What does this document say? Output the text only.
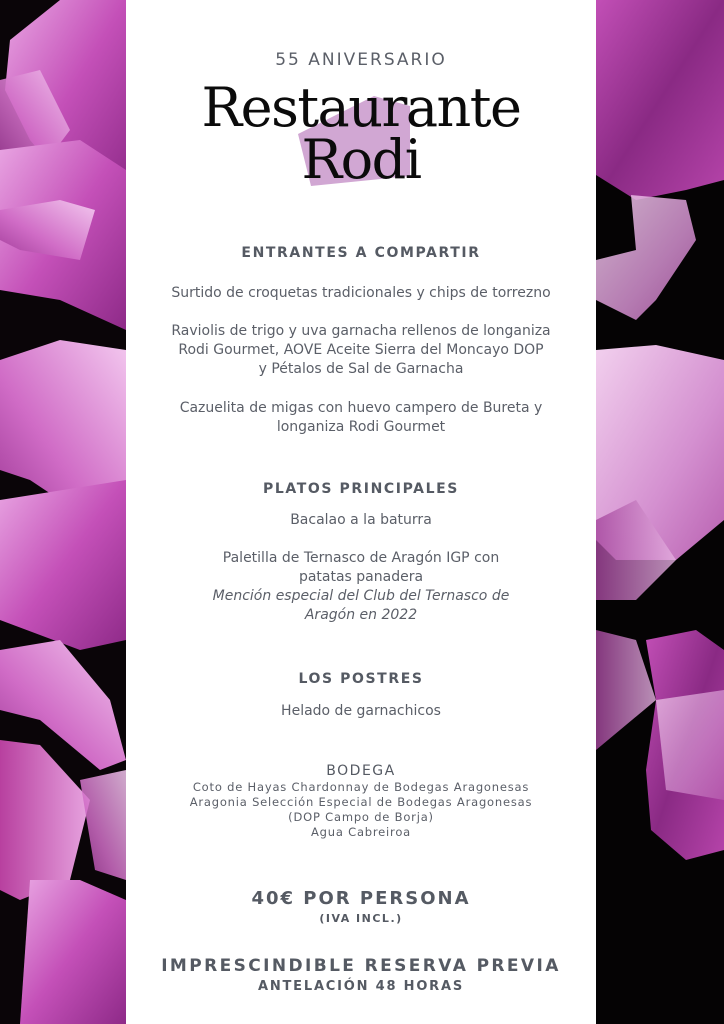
55 ANIVERSARIO
Restaurante
Rodi
ENTRANTES A COMPARTIR
Surtido de croquetas tradicionales y chips de torrezno
Raviolis de trigo y uva garnacha rellenos de longaniza
Rodi Gourmet, AOVE Aceite Sierra del Moncayo DOP
y Pétalos de Sal de Garnacha
Cazuelita de migas con huevo campero de Bureta y
longaniza Rodi Gourmet
PLATOS PRINCIPALES
Bacalao a la baturra
Paletilla de Ternasco de Aragón IGP con
patatas panadera
Mención especial del Club del Ternasco de
Aragón en 2022
LOS POSTRES
Helado de garnachicos
BODEGA
Coto de Hayas Chardonnay de Bodegas Aragonesas
Aragonia Selección Especial de Bodegas Aragonesas
(DOP Campo de Borja)
Agua Cabreiroa
40€ POR PERSONA
(IVA INCL.)
IMPRESCINDIBLE RESERVA PREVIA
ANTELACIÓN 48 HORAS
